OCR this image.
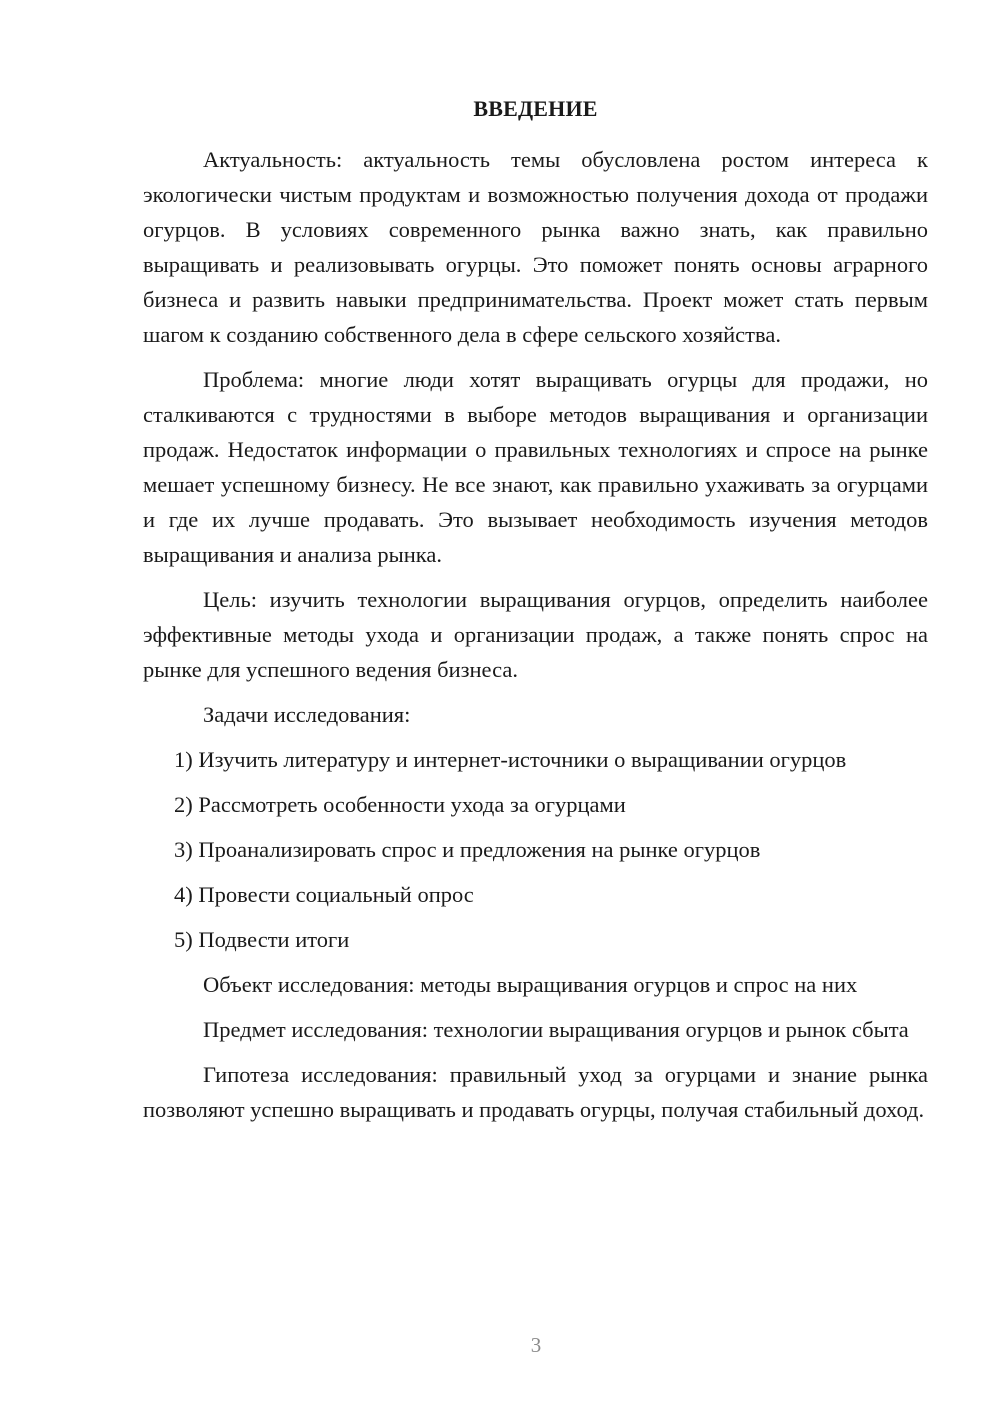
ВВЕДЕНИЕ

Актуальность: актуальность темы обусловлена ростом интереса к экологически чистым продуктам и возможностью получения дохода от продажи огурцов. В условиях современного рынка важно знать, как правильно выращивать и реализовывать огурцы. Это поможет понять основы аграрного бизнеса и развить навыки предпринимательства. Проект может стать первым шагом к созданию собственного дела в сфере сельского хозяйства.

Проблема: многие люди хотят выращивать огурцы для продажи, но сталкиваются с трудностями в выборе методов выращивания и организации продаж. Недостаток информации о правильных технологиях и спросе на рынке мешает успешному бизнесу. Не все знают, как правильно ухаживать за огурцами и где их лучше продавать. Это вызывает необходимость изучения методов выращивания и анализа рынка.

Цель: изучить технологии выращивания огурцов, определить наиболее эффективные методы ухода и организации продаж, а также понять спрос на рынке для успешного ведения бизнеса.

Задачи исследования:

1) Изучить литературу и интернет-источники о выращивании огурцов

2) Рассмотреть особенности ухода за огурцами

3) Проанализировать спрос и предложения на рынке огурцов

4) Провести социальный опрос

5) Подвести итоги

Объект исследования: методы выращивания огурцов и спрос на них

Предмет исследования: технологии выращивания огурцов и рынок сбыта

Гипотеза исследования: правильный уход за огурцами и знание рынка позволяют успешно выращивать и продавать огурцы, получая стабильный доход.

3
